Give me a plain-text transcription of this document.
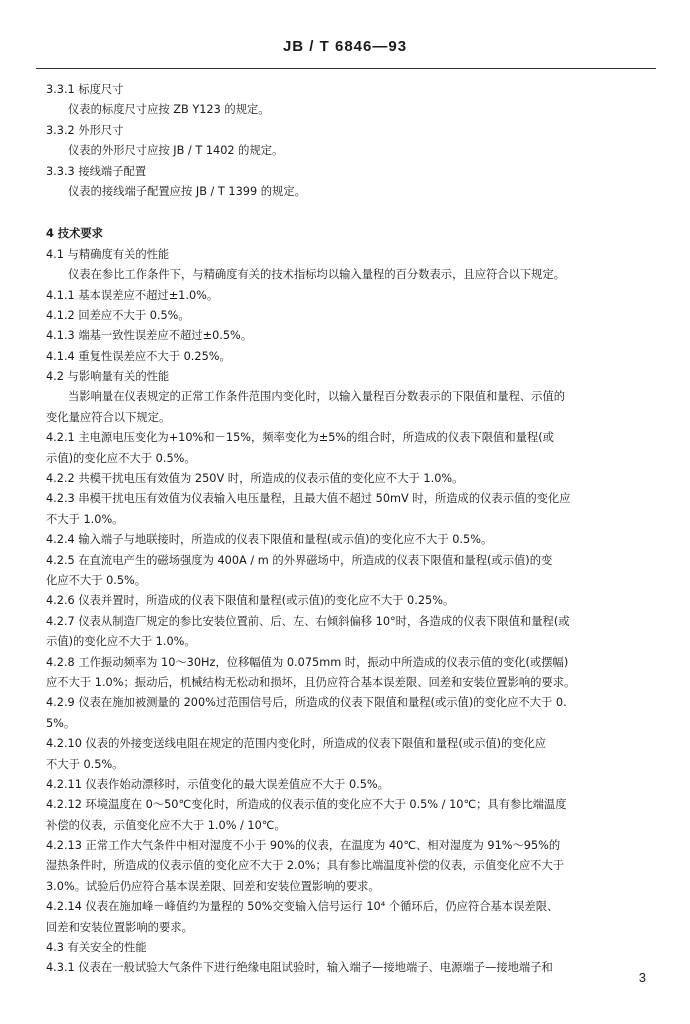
JB / T 6846—93
3.3.1 标度尺寸
仪表的标度尺寸应按 ZB Y123 的规定。
3.3.2 外形尺寸
仪表的外形尺寸应按 JB / T 1402 的规定。
3.3.3 接线端子配置
仪表的接线端子配置应按 JB / T 1399 的规定。
4 技术要求
4.1 与精确度有关的性能
仪表在参比工作条件下，与精确度有关的技术指标均以输入量程的百分数表示，且应符合以下规定。
4.1.1 基本误差应不超过±1.0%。
4.1.2 回差应不大于 0.5%。
4.1.3 端基一致性误差应不超过±0.5%。
4.1.4 重复性误差应不大于 0.25%。
4.2 与影响量有关的性能
当影响量在仪表规定的正常工作条件范围内变化时，以输入量程百分数表示的下限值和量程、示值的
变化量应符合以下规定。
4.2.1 主电源电压变化为+10%和－15%，频率变化为±5%的组合时，所造成的仪表下限值和量程(或
示值)的变化应不大于 0.5%。
4.2.2 共模干扰电压有效值为 250V 时，所造成的仪表示值的变化应不大于 1.0%。
4.2.3 串模干扰电压有效值为仪表输入电压量程，且最大值不超过 50mV 时，所造成的仪表示值的变化应
不大于 1.0%。
4.2.4 输入端子与地联接时，所造成的仪表下限值和量程(或示值)的变化应不大于 0.5%。
4.2.5 在直流电产生的磁场强度为 400A / m 的外界磁场中，所造成的仪表下限值和量程(或示值)的变
化应不大于 0.5%。
4.2.6 仪表并置时，所造成的仪表下限值和量程(或示值)的变化应不大于 0.25%。
4.2.7 仪表从制造厂规定的参比安装位置前、后、左、右倾斜偏移 10°时，各造成的仪表下限值和量程(或
示值)的变化应不大于 1.0%。
4.2.8 工作振动频率为 10～30Hz，位移幅值为 0.075mm 时，振动中所造成的仪表示值的变化(或摆幅)
应不大于 1.0%；振动后，机械结构无松动和损坏，且仍应符合基本误差限、回差和安装位置影响的要求。
4.2.9 仪表在施加被测量的 200%过范围信号后，所造成的仪表下限值和量程(或示值)的变化应不大于 0.
5%。
4.2.10 仪表的外接变送线电阻在规定的范围内变化时，所造成的仪表下限值和量程(或示值)的变化应
不大于 0.5%。
4.2.11 仪表作始动漂移时，示值变化的最大误差值应不大于 0.5%。
4.2.12 环境温度在 0～50℃变化时，所造成的仪表示值的变化应不大于 0.5% / 10℃；具有参比端温度
补偿的仪表，示值变化应不大于 1.0% / 10℃。
4.2.13 正常工作大气条件中相对湿度不小于 90%的仪表，在温度为 40℃、相对湿度为 91%～95%的
湿热条件时，所造成的仪表示值的变化应不大于 2.0%；具有参比端温度补偿的仪表，示值变化应不大于
3.0%。试验后仍应符合基本误差限、回差和安装位置影响的要求。
4.2.14 仪表在施加峰－峰值约为量程的 50%交变输入信号运行 10⁴ 个循环后，仍应符合基本误差限、
回差和安装位置影响的要求。
4.3 有关安全的性能
4.3.1 仪表在一般试验大气条件下进行绝缘电阻试验时，输入端子—接地端子、电源端子—接地端子和
3
